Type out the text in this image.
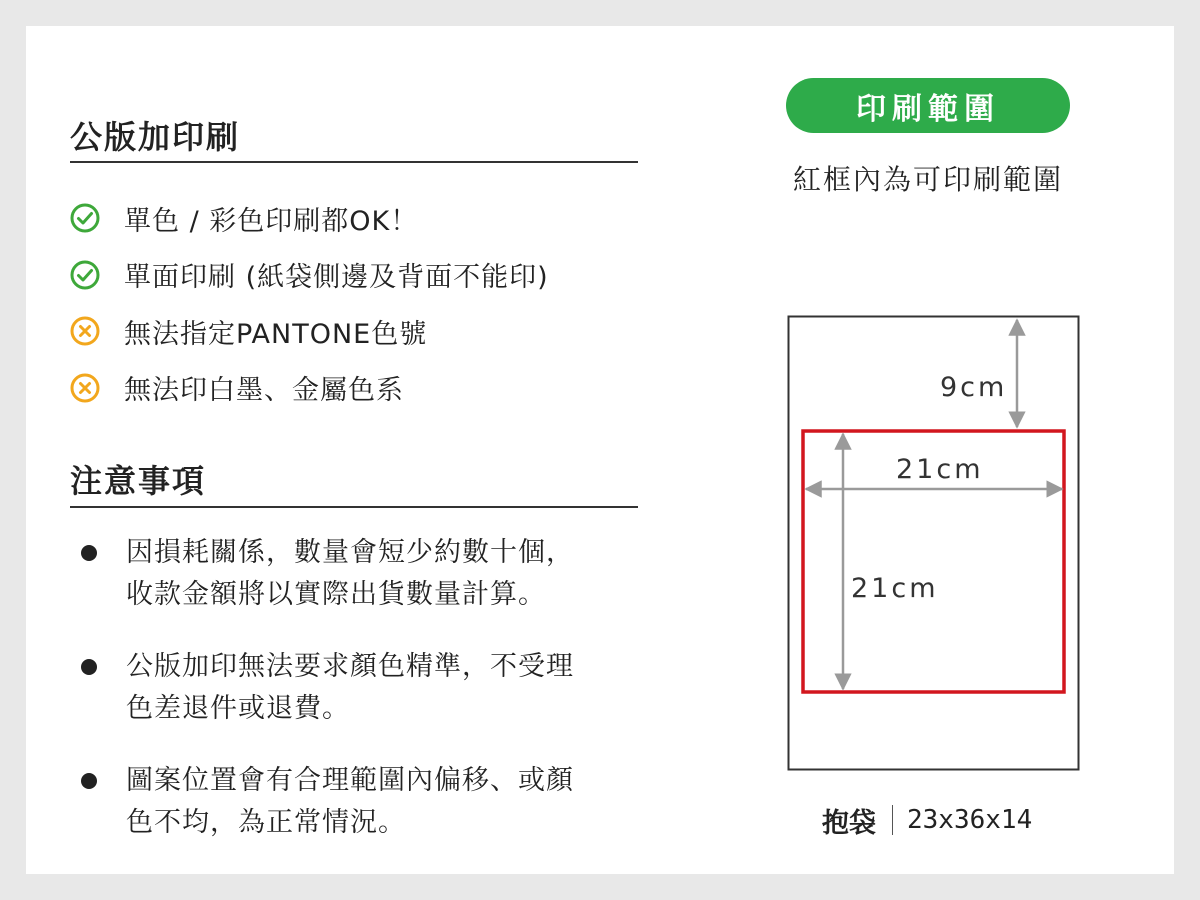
公版加印刷
單色 / 彩色印刷都OK！
單面印刷 (紙袋側邊及背面不能印)
無法指定PANTONE色號
無法印白墨、金屬色系
注意事項
因損耗關係，數量會短少約數十個，
收款金額將以實際出貨數量計算。
公版加印無法要求顏色精準，不受理
色差退件或退費。
圖案位置會有合理範圍內偏移、或顏
色不均，為正常情況。
印刷範圍
紅框內為可印刷範圍
9cm
21cm
21cm
抱袋 23x36x14
